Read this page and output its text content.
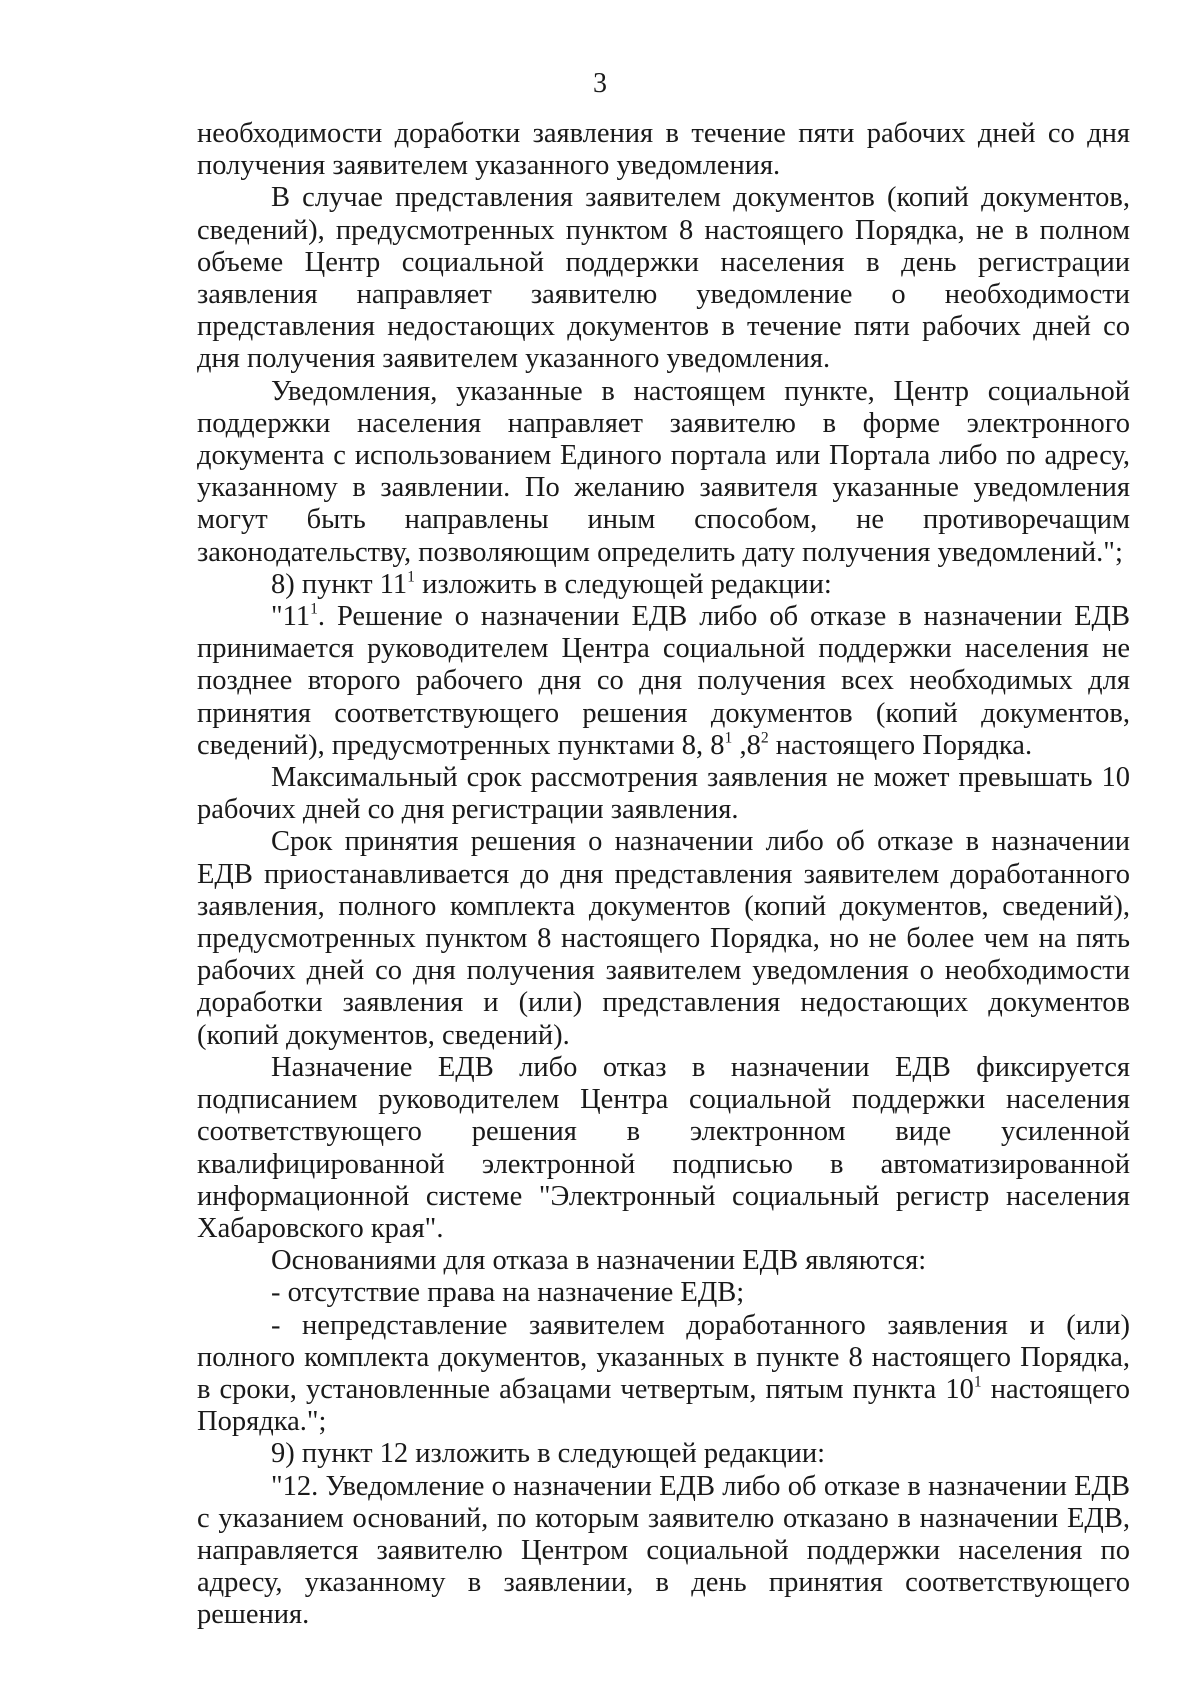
3

необходимости доработки заявления в течение пяти рабочих дней со дня получения заявителем указанного уведомления.

В случае представления заявителем документов (копий документов, сведений), предусмотренных пунктом 8 настоящего Порядка, не в полном объеме Центр социальной поддержки населения в день регистрации заявления направляет заявителю уведомление о необходимости представления недостающих документов в течение пяти рабочих дней со дня получения заявителем указанного уведомления.

Уведомления, указанные в настоящем пункте, Центр социальной поддержки населения направляет заявителю в форме электронного документа с использованием Единого портала или Портала либо по адресу, указанному в заявлении. По желанию заявителя указанные уведомления могут быть направлены иным способом, не противоречащим законодательству, позволяющим определить дату получения уведомлений.";

8) пункт $11^1$ изложить в следующей редакции:

"$11^1$. Решение о назначении ЕДВ либо об отказе в назначении ЕДВ принимается руководителем Центра социальной поддержки населения не позднее второго рабочего дня со дня получения всех необходимых для принятия соответствующего решения документов (копий документов, сведений), предусмотренных пунктами 8, $8^1$ $,8^2$ настоящего Порядка.

Максимальный срок рассмотрения заявления не может превышать 10 рабочих дней со дня регистрации заявления.

Срок принятия решения о назначении либо об отказе в назначении ЕДВ приостанавливается до дня представления заявителем доработанного заявления, полного комплекта документов (копий документов, сведений), предусмотренных пунктом 8 настоящего Порядка, но не более чем на пять рабочих дней со дня получения заявителем уведомления о необходимости доработки заявления и (или) представления недостающих документов (копий документов, сведений).

Назначение ЕДВ либо отказ в назначении ЕДВ фиксируется подписанием руководителем Центра социальной поддержки населения соответствующего решения в электронном виде усиленной квалифицированной электронной подписью в автоматизированной информационной системе "Электронный социальный регистр населения Хабаровского края".

Основаниями для отказа в назначении ЕДВ являются:

- отсутствие права на назначение ЕДВ;

- непредставление заявителем доработанного заявления и (или) полного комплекта документов, указанных в пункте 8 настоящего Порядка, в сроки, установленные абзацами четвертым, пятым пункта $10^1$ настоящего Порядка.";

9) пункт 12 изложить в следующей редакции:

"12. Уведомление о назначении ЕДВ либо об отказе в назначении ЕДВ с указанием оснований, по которым заявителю отказано в назначении ЕДВ, направляется заявителю Центром социальной поддержки населения по адресу, указанному в заявлении, в день принятия соответствующего решения.
